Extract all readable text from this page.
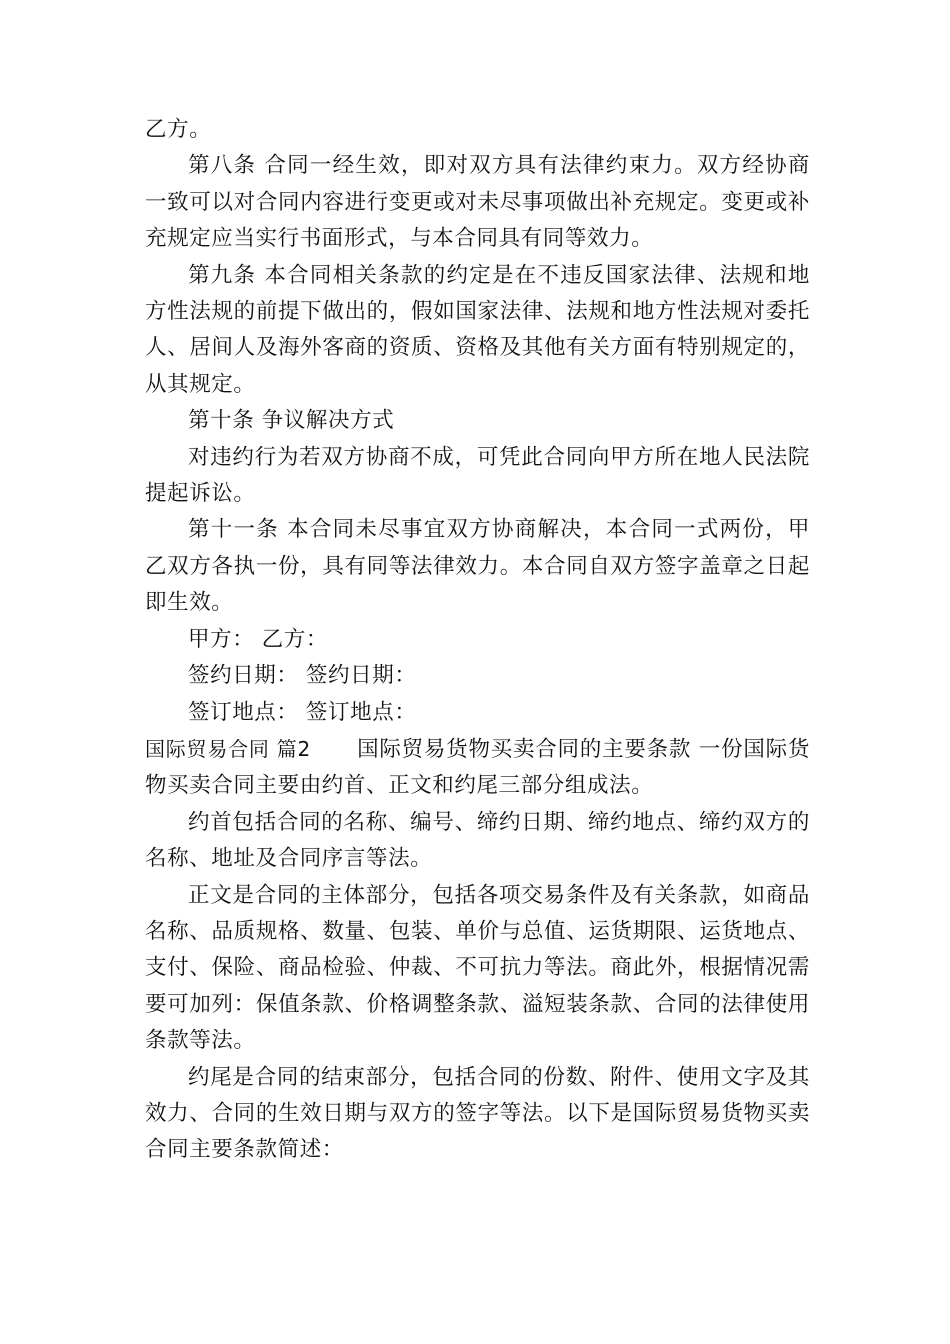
乙方。

第八条 合同一经生效，即对双方具有法律约束力。双方经协商一致可以对合同内容进行变更或对未尽事项做出补充规定。变更或补充规定应当实行书面形式，与本合同具有同等效力。

第九条 本合同相关条款的约定是在不违反国家法律、法规和地方性法规的前提下做出的，假如国家法律、法规和地方性法规对委托人、居间人及海外客商的资质、资格及其他有关方面有特别规定的，从其规定。

第十条 争议解决方式

对违约行为若双方协商不成，可凭此合同向甲方所在地人民法院提起诉讼。

第十一条 本合同未尽事宜双方协商解决，本合同一式两份，甲乙双方各执一份，具有同等法律效力。本合同自双方签字盖章之日起即生效。

甲方： 乙方：

签约日期： 签约日期：

签订地点： 签订地点：

国际贸易合同 篇2 国际贸易货物买卖合同的主要条款 一份国际货物买卖合同主要由约首、正文和约尾三部分组成法。

约首包括合同的名称、编号、缔约日期、缔约地点、缔约双方的名称、地址及合同序言等法。

正文是合同的主体部分，包括各项交易条件及有关条款，如商品名称、品质规格、数量、包装、单价与总值、运货期限、运货地点、支付、保险、商品检验、仲裁、不可抗力等法。商此外，根据情况需要可加列：保值条款、价格调整条款、溢短装条款、合同的法律使用条款等法。

约尾是合同的结束部分，包括合同的份数、附件、使用文字及其效力、合同的生效日期与双方的签字等法。以下是国际贸易货物买卖合同主要条款简述：
